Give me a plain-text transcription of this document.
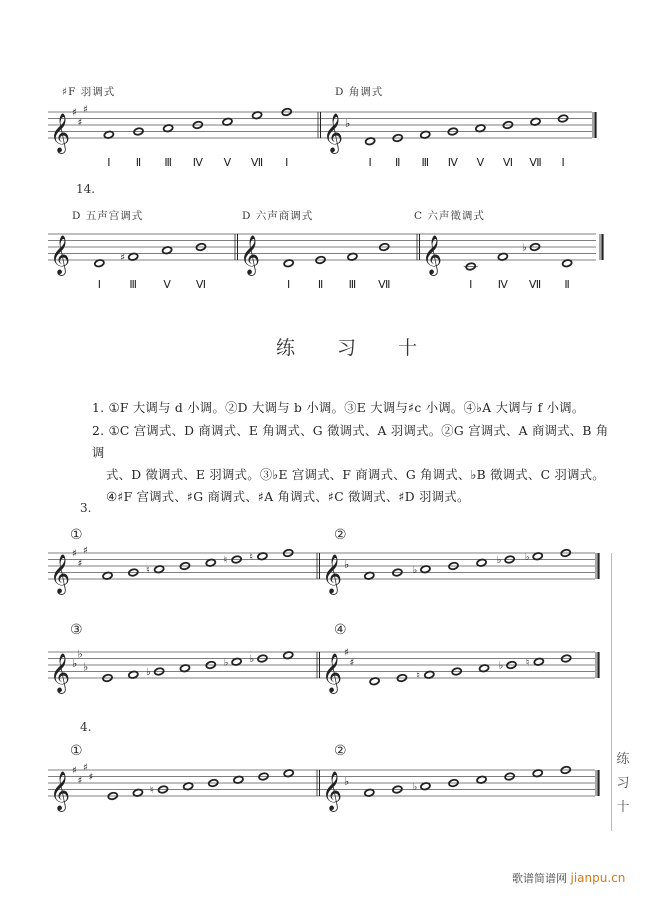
♯F 羽调式	D 角调式
𝄞 ♯
♯
♯
Ⅰ Ⅱ Ⅲ Ⅳ Ⅴ Ⅶ Ⅰ
𝄞 ♭
Ⅰ Ⅱ Ⅲ Ⅳ Ⅴ Ⅵ Ⅶ Ⅰ
14.
D 五声宫调式	D 六声商调式	C 六声徵调式
𝄞
Ⅰ
♯
Ⅲ Ⅴ Ⅵ
𝄞
Ⅰ	Ⅱ Ⅲ Ⅶ
𝄞
Ⅰ Ⅳ
♭
Ⅶ Ⅱ
练 习 十
1. ①F 大调与 d 小调。②D 大调与 b 小调。③E 大调与♯c 小调。④♭A 大调与 f 小调。
2. ①C 宫调式、D 商调式、E 角调式、G 徵调式、A 羽调式。②G 宫调式、A 商调式、B 角调
式、D 徵调式、E 羽调式。③♭E 宫调式、F 商调式、G 角调式、♭B 徵调式、C 羽调式。
④♯F 宫调式、♯G 商调式、♯A 角调式、♯C 徵调式、♯D 羽调式。
3.
①	②
𝄞 ♯
♯
♯
♮
♮ ♮ 𝄞 ♭	♭
♭ ♭
③	④
𝄞 ♭
♭
♭	♭
♭ ♭ 𝄞 ♯
♯
♮
♭ ♮
4.
①	②
𝄞 ♯
♯
♯
♯
♮	𝄞 ♭	♭
练
习
十
歌谱简谱网 jianpu.cn
